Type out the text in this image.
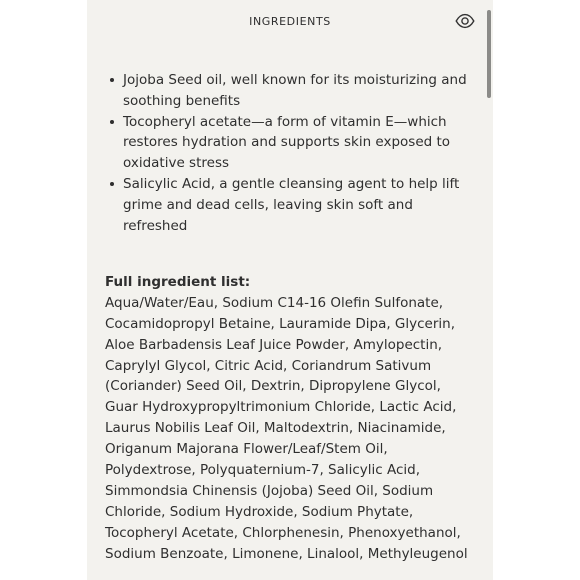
INGREDIENTS
Jojoba Seed oil, well known for its moisturizing and soothing benefits
Tocopheryl acetate—a form of vitamin E—which restores hydration and supports skin exposed to oxidative stress
Salicylic Acid, a gentle cleansing agent to help lift grime and dead cells, leaving skin soft and refreshed

Full ingredient list:

Aqua/Water/Eau, Sodium C14-16 Olefin Sulfonate, Cocamidopropyl Betaine, Lauramide Dipa, Glycerin, Aloe Barbadensis Leaf Juice Powder, Amylopectin, Caprylyl Glycol, Citric Acid, Coriandrum Sativum (Coriander) Seed Oil, Dextrin, Dipropylene Glycol, Guar Hydroxypropyltrimonium Chloride, Lactic Acid, Laurus Nobilis Leaf Oil, Maltodextrin, Niacinamide, Origanum Majorana Flower/Leaf/Stem Oil, Polydextrose, Polyquaternium-7, Salicylic Acid, Simmondsia Chinensis (Jojoba) Seed Oil, Sodium Chloride, Sodium Hydroxide, Sodium Phytate, Tocopheryl Acetate, Chlorphenesin, Phenoxyethanol, Sodium Benzoate, Limonene, Linalool, Methyleugenol
